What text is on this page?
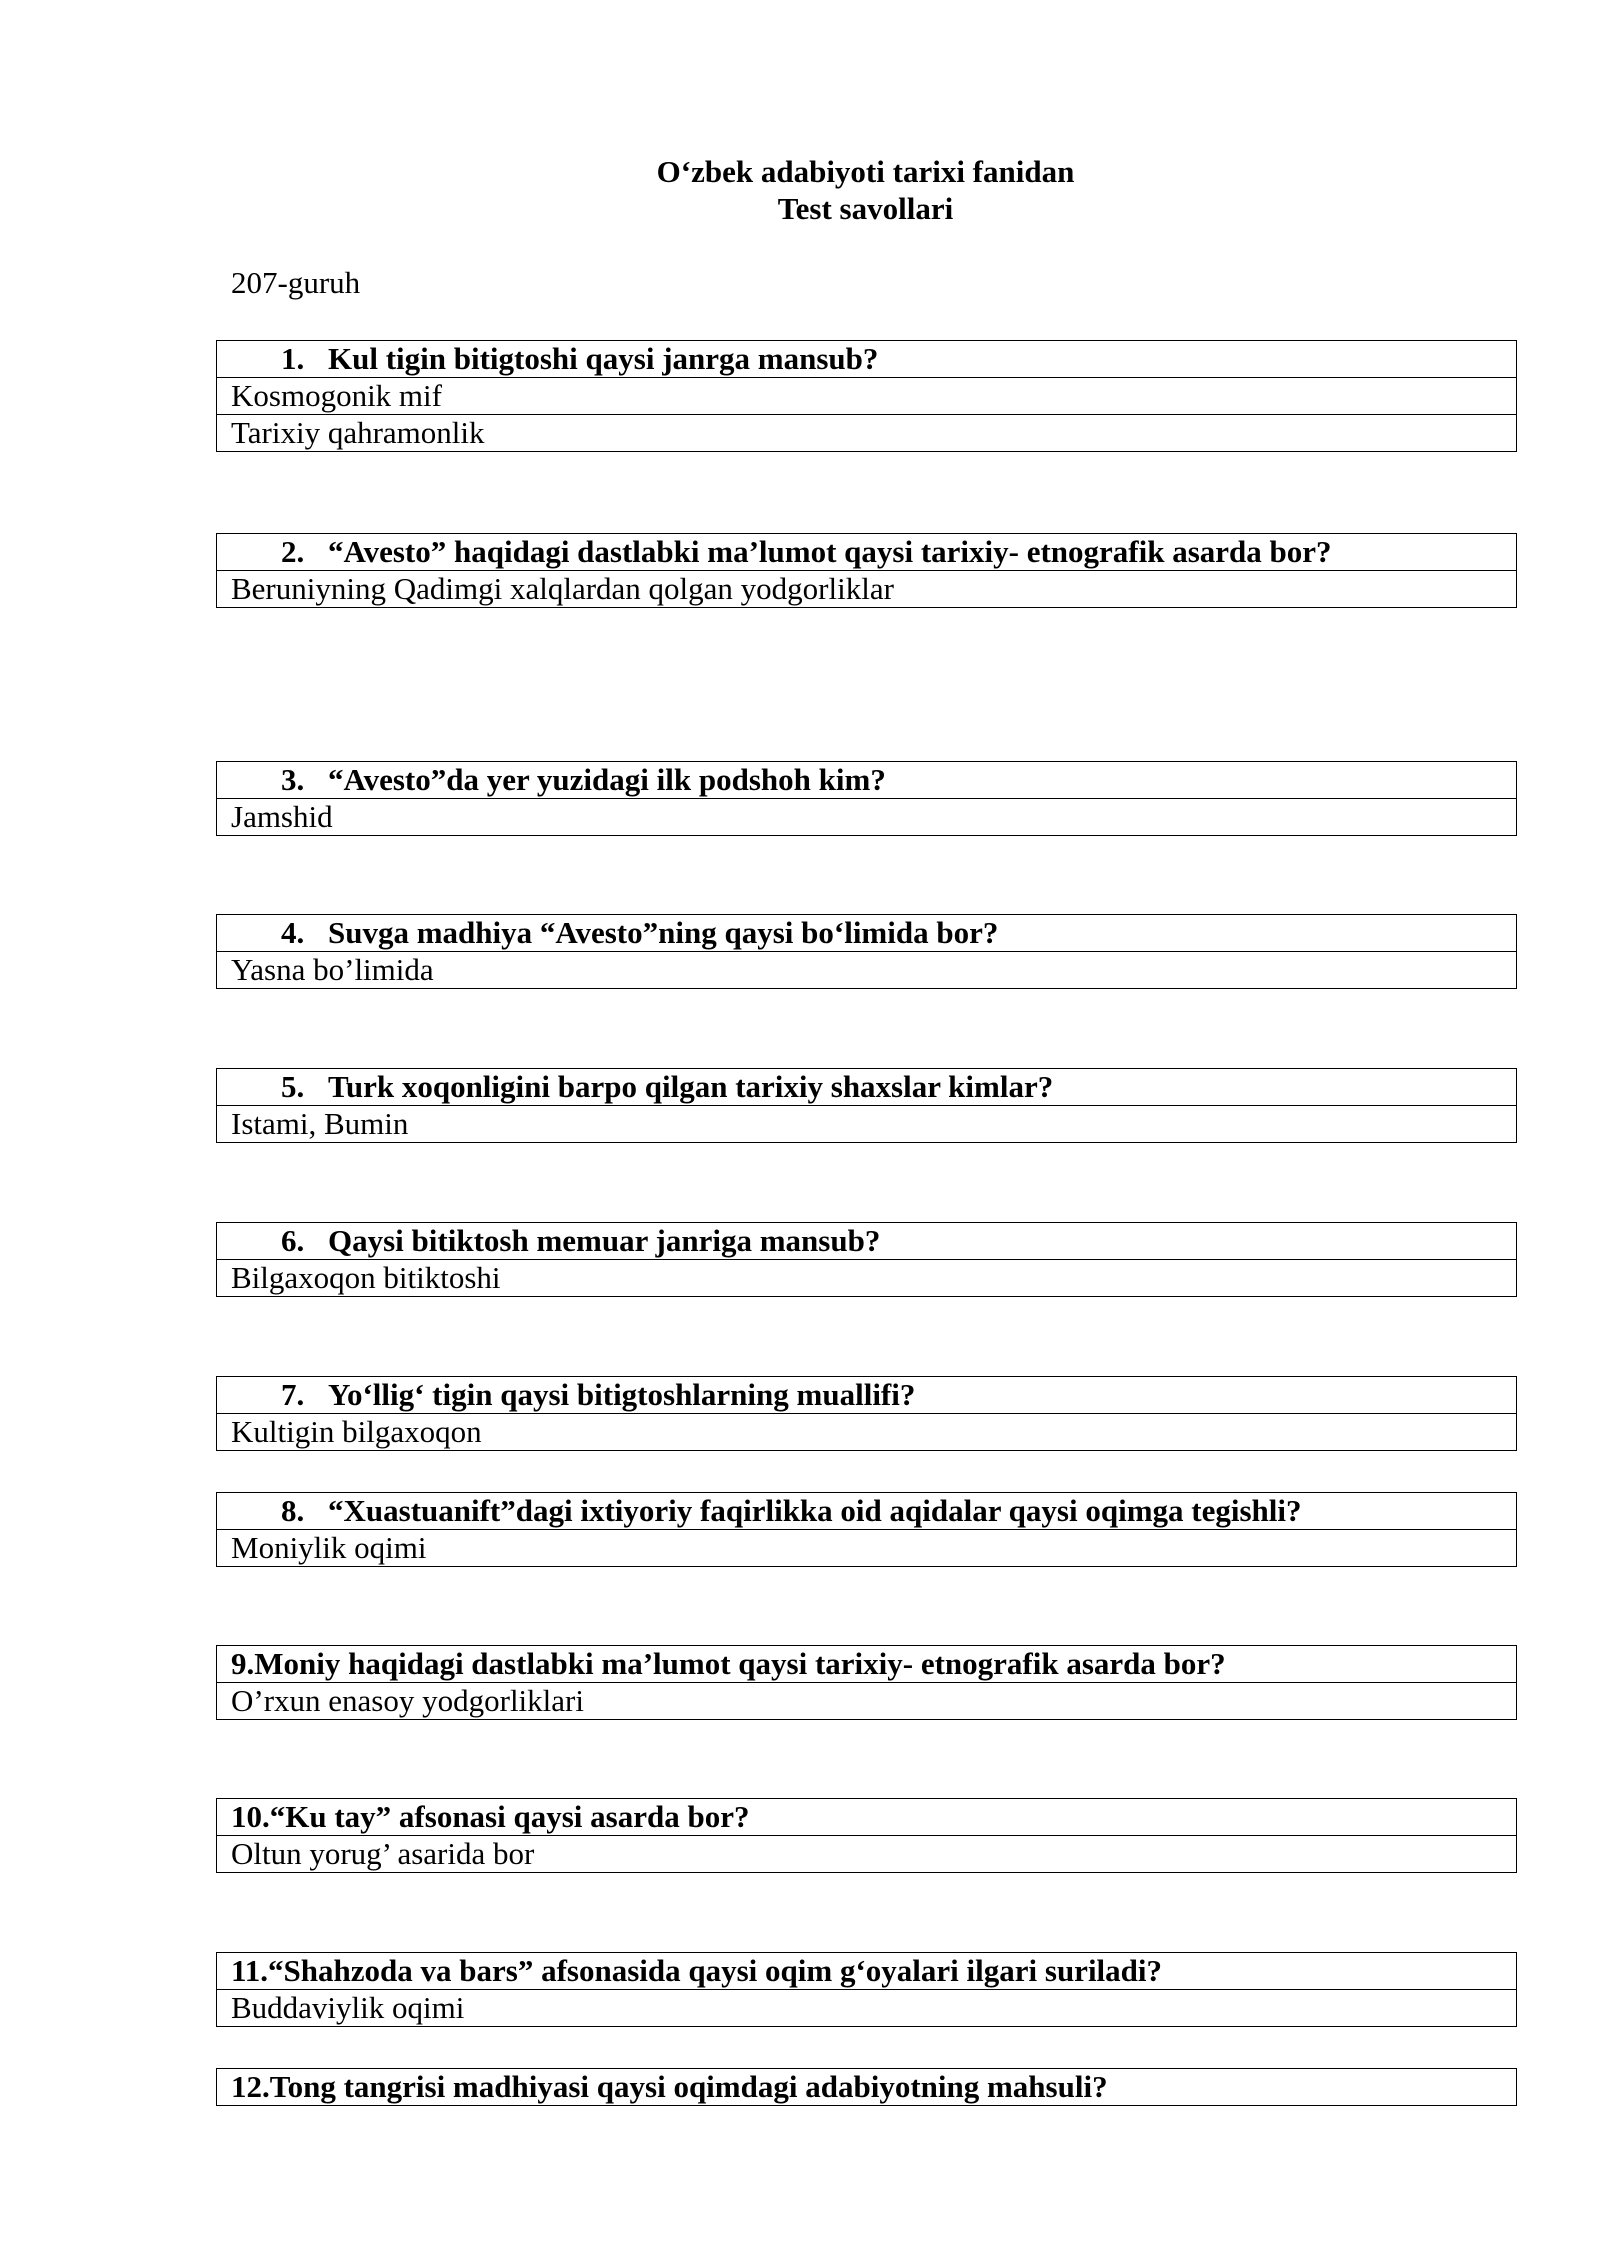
O‘zbek adabiyoti tarixi fanidan
Test savollari
207-guruh
1. Kul tigin bitigtoshi qaysi janrga mansub?
Kosmogonik mif
Tarixiy qahramonlik
2. “Avesto” haqidagi dastlabki ma’lumot qaysi tarixiy- etnografik asarda bor?
Beruniyning Qadimgi xalqlardan qolgan yodgorliklar
3. “Avesto”da yer yuzidagi ilk podshoh kim?
Jamshid
4. Suvga madhiya “Avesto”ning qaysi bo‘limida bor?
Yasna bo’limida
5. Turk xoqonligini barpo qilgan tarixiy shaxslar kimlar?
Istami, Bumin
6. Qaysi bitiktosh memuar janriga mansub?
Bilgaxoqon bitiktoshi
7. Yo‘llig‘ tigin qaysi bitigtoshlarning muallifi?
Kultigin bilgaxoqon
8. “Xuastuanift”dagi ixtiyoriy faqirlikka oid aqidalar qaysi oqimga tegishli?
Moniylik oqimi
9.Moniy haqidagi dastlabki ma’lumot qaysi tarixiy- etnografik asarda bor?
O’rxun enasoy yodgorliklari
10.“Ku tay” afsonasi qaysi asarda bor?
Oltun yorug’ asarida bor
11.“Shahzoda va bars” afsonasida qaysi oqim g‘oyalari ilgari suriladi?
Buddaviylik oqimi
12.Tong tangrisi madhiyasi qaysi oqimdagi adabiyotning mahsuli?
